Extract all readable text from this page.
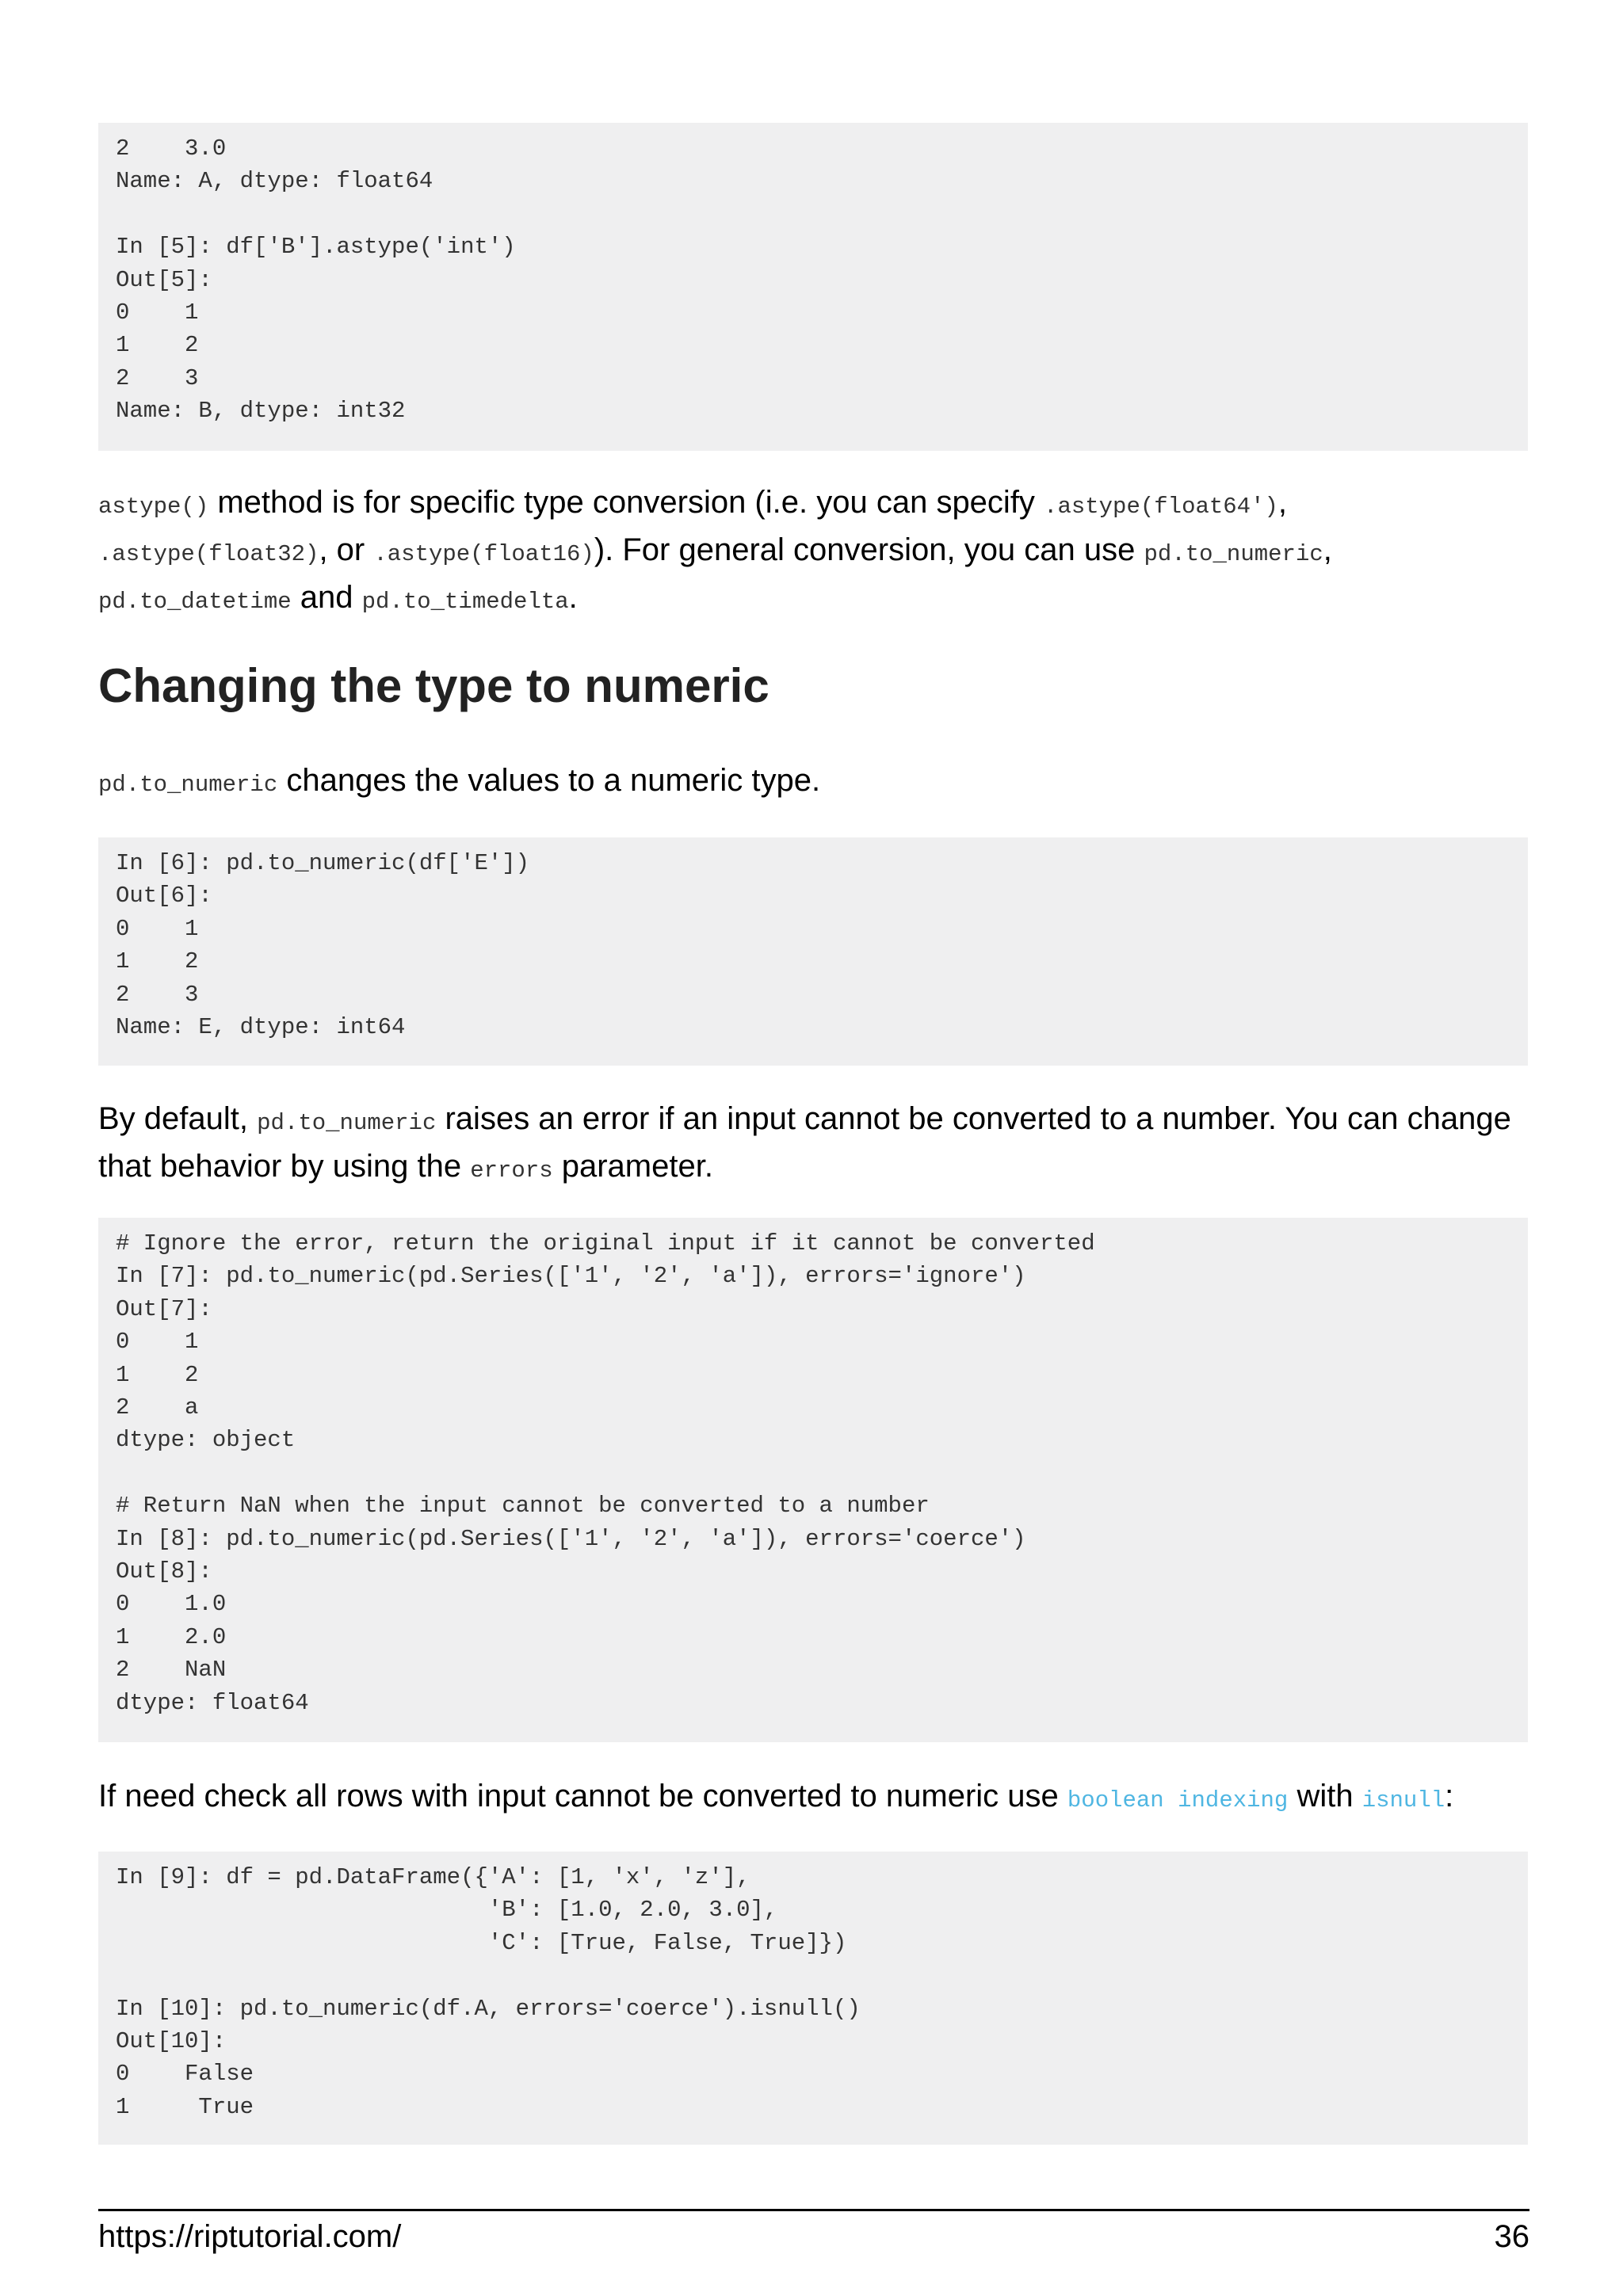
2    3.0
Name: A, dtype: float64

In [5]: df['B'].astype('int')
Out[5]:
0    1
1    2
2    3
Name: B, dtype: int32
astype() method is for specific type conversion (i.e. you can specify .astype(float64'),
.astype(float32), or .astype(float16)). For general conversion, you can use pd.to_numeric,
pd.to_datetime and pd.to_timedelta.
Changing the type to numeric
pd.to_numeric changes the values to a numeric type.
In [6]: pd.to_numeric(df['E'])
Out[6]:
0    1
1    2
2    3
Name: E, dtype: int64
By default, pd.to_numeric raises an error if an input cannot be converted to a number. You can change that behavior by using the errors parameter.
# Ignore the error, return the original input if it cannot be converted
In [7]: pd.to_numeric(pd.Series(['1', '2', 'a']), errors='ignore')
Out[7]:
0    1
1    2
2    a
dtype: object

# Return NaN when the input cannot be converted to a number
In [8]: pd.to_numeric(pd.Series(['1', '2', 'a']), errors='coerce')
Out[8]:
0    1.0
1    2.0
2    NaN
dtype: float64
If need check all rows with input cannot be converted to numeric use boolean indexing with isnull:
In [9]: df = pd.DataFrame({'A': [1, 'x', 'z'],
'B': [1.0, 2.0, 3.0],
'C': [True, False, True]})

In [10]: pd.to_numeric(df.A, errors='coerce').isnull()
Out[10]:
0    False
1     True
https://riptutorial.com/	36
